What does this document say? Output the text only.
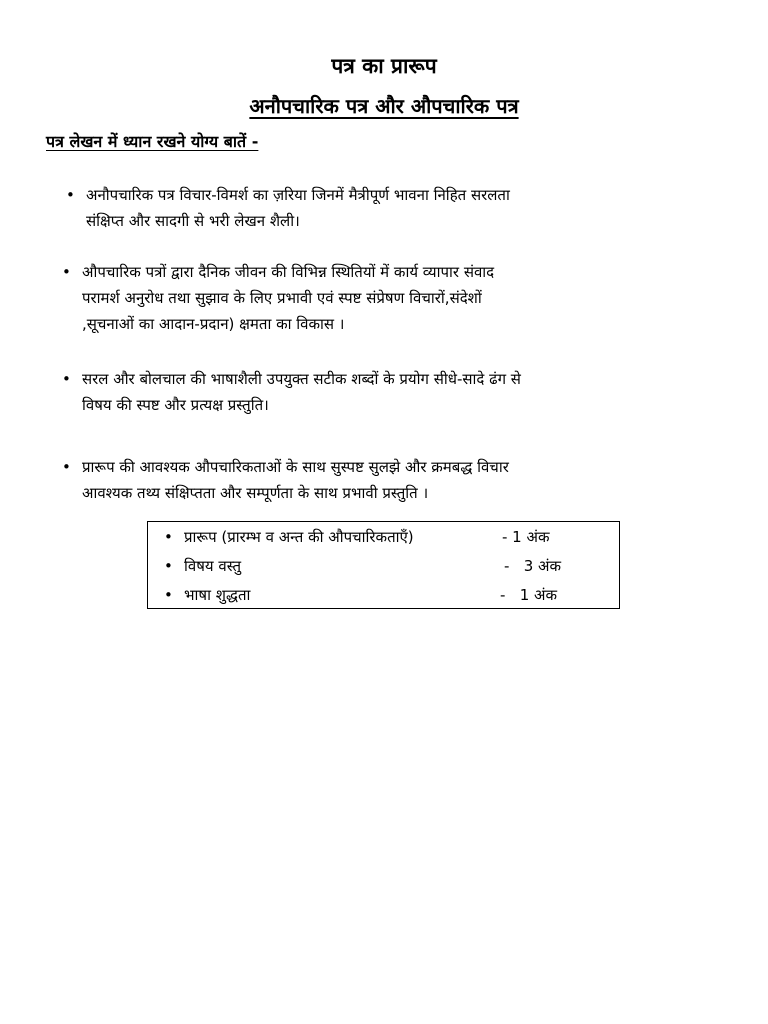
पत्र का प्रारूप
अनौपचारिक पत्र और औपचारिक पत्र
पत्र लेखन में ध्यान रखने योग्य बातें -
• अनौपचारिक पत्र विचार-विमर्श का ज़रिया जिनमें मैत्रीपूर्ण भावना निहित सरलता
संक्षिप्त और सादगी से भरी लेखन शैली।
• औपचारिक पत्रों द्वारा दैनिक जीवन की विभिन्न स्थितियों में कार्य व्यापार संवाद
परामर्श अनुरोध तथा सुझाव के लिए प्रभावी एवं स्पष्ट संप्रेषण विचारों,संदेशों
,सूचनाओं का आदान-प्रदान) क्षमता का विकास ।
• सरल और बोलचाल की भाषाशैली उपयुक्त सटीक शब्दों के प्रयोग सीधे-सादे ढंग से
विषय की स्पष्ट और प्रत्यक्ष प्रस्तुति।
• प्रारूप की आवश्यक औपचारिकताओं के साथ सुस्पष्ट सुलझे और क्रमबद्ध विचार
आवश्यक तथ्य संक्षिप्तता और सम्पूर्णता के साथ प्रभावी प्रस्तुति ।
• प्रारूप (प्रारम्भ व अन्त की औपचारिकताएँ)	- 1 अंक
• विषय वस्तु	-   3 अंक
• भाषा शुद्धता	-   1 अंक
